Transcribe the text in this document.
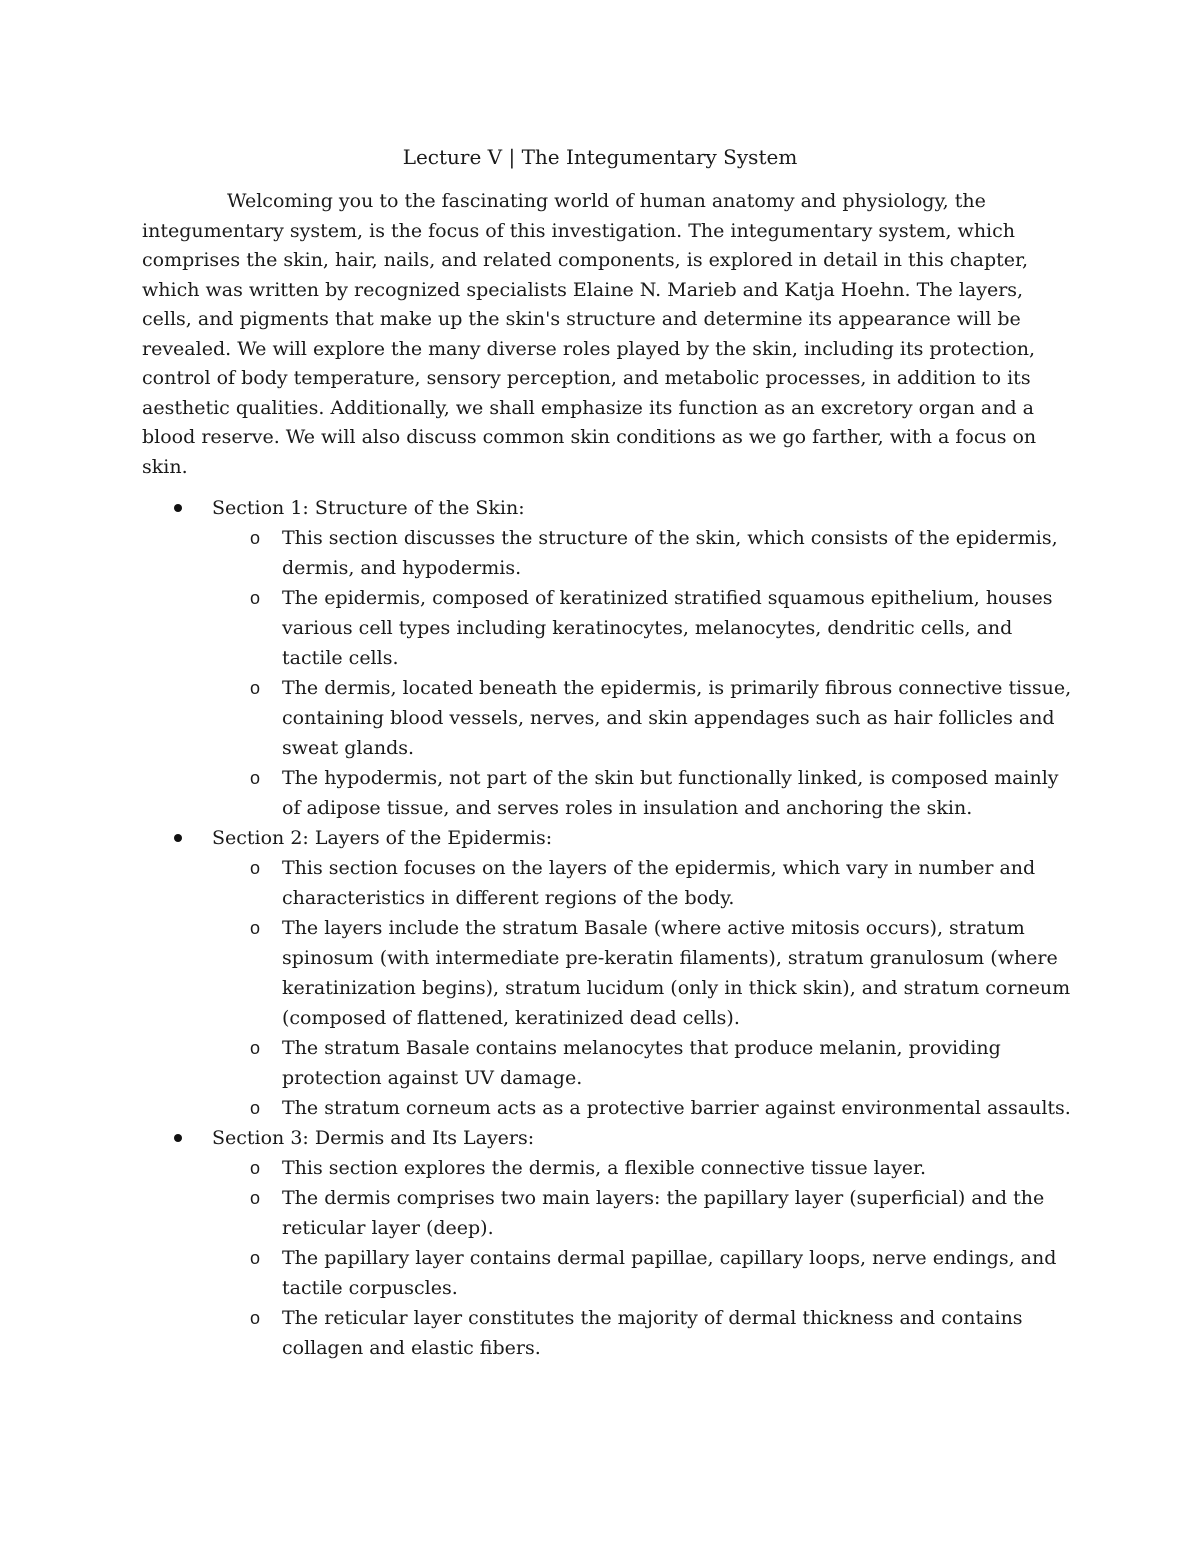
Lecture V | The Integumentary System

Welcoming you to the fascinating world of human anatomy and physiology, the integumentary system, is the focus of this investigation. The integumentary system, which comprises the skin, hair, nails, and related components, is explored in detail in this chapter, which was written by recognized specialists Elaine N. Marieb and Katja Hoehn. The layers, cells, and pigments that make up the skin's structure and determine its appearance will be revealed. We will explore the many diverse roles played by the skin, including its protection, control of body temperature, sensory perception, and metabolic processes, in addition to its aesthetic qualities. Additionally, we shall emphasize its function as an excretory organ and a blood reserve. We will also discuss common skin conditions as we go farther, with a focus on skin.

Section 1: Structure of the Skin:
o This section discusses the structure of the skin, which consists of the epidermis, dermis, and hypodermis.
o The epidermis, composed of keratinized stratified squamous epithelium, houses various cell types including keratinocytes, melanocytes, dendritic cells, and tactile cells.
o The dermis, located beneath the epidermis, is primarily fibrous connective tissue, containing blood vessels, nerves, and skin appendages such as hair follicles and sweat glands.
o The hypodermis, not part of the skin but functionally linked, is composed mainly of adipose tissue, and serves roles in insulation and anchoring the skin.
Section 2: Layers of the Epidermis:
o This section focuses on the layers of the epidermis, which vary in number and characteristics in different regions of the body.
o The layers include the stratum Basale (where active mitosis occurs), stratum spinosum (with intermediate pre-keratin filaments), stratum granulosum (where keratinization begins), stratum lucidum (only in thick skin), and stratum corneum (composed of flattened, keratinized dead cells).
o The stratum Basale contains melanocytes that produce melanin, providing protection against UV damage.
o The stratum corneum acts as a protective barrier against environmental assaults.
Section 3: Dermis and Its Layers:
o This section explores the dermis, a flexible connective tissue layer.
o The dermis comprises two main layers: the papillary layer (superficial) and the reticular layer (deep).
o The papillary layer contains dermal papillae, capillary loops, nerve endings, and tactile corpuscles.
o The reticular layer constitutes the majority of dermal thickness and contains collagen and elastic fibers.
